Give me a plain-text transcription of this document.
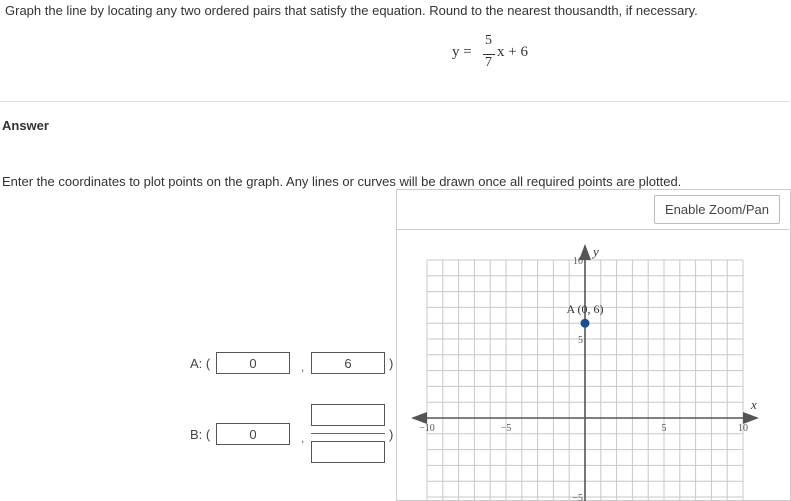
Graph the line by locating any two ordered pairs that satisfy the equation. Round to the nearest thousandth, if necessary.
y =
5
7
x + 6
Answer
Enter the coordinates to plot points on the graph. Any lines or curves will be drawn once all required points are plotted.
Enable Zoom/Pan
x
y
−10	−5	5	10
10
5
−5
A (0, 6)
A: (	0	,	6	)
B: (	0	,	)
